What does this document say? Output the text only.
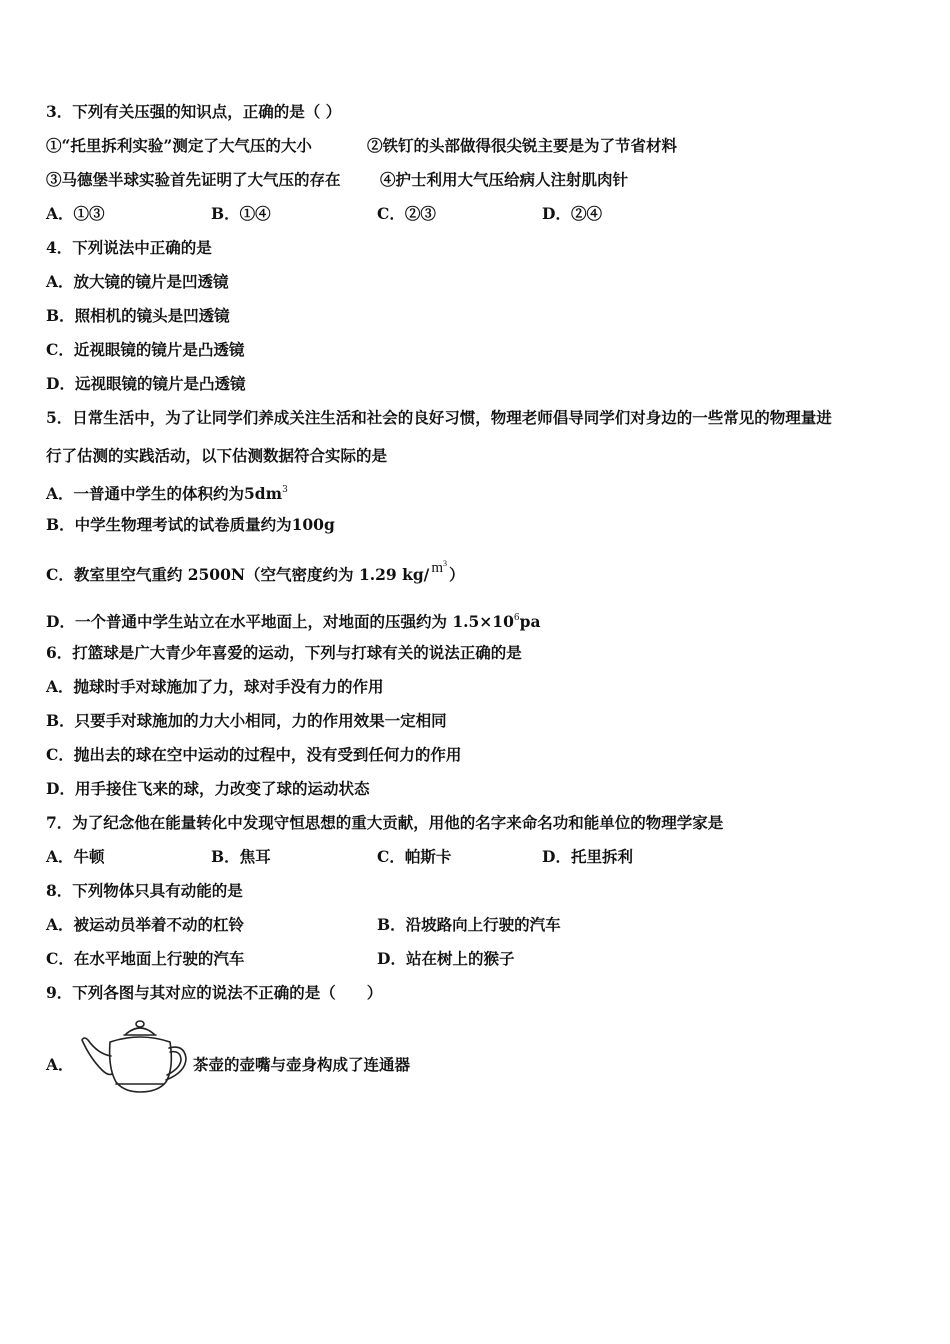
3．下列有关压强的知识点，正确的是（ ）
①“托里拆利实验”测定了大气压的大小	②铁钉的头部做得很尖锐主要是为了节省材料
③马德堡半球实验首先证明了大气压的存在	④护士利用大气压给病人注射肌肉针
A．①③	B．①④	C．②③	D．②④
4．下列说法中正确的是
A．放大镜的镜片是凹透镜
B．照相机的镜头是凹透镜
C．近视眼镜的镜片是凸透镜
D．远视眼镜的镜片是凸透镜
5．日常生活中，为了让同学们养成关注生活和社会的良好习惯，物理老师倡导同学们对身边的一些常见的物理量进
行了估测的实践活动，以下估测数据符合实际的是
A．一普通中学生的体积约为$5dm^3$
B．中学生物理考试的试卷质量约为100g
C．教室里空气重约 2500N（空气密度约为 1.29 kg/ $m^3$）
D．一个普通中学生站立在水平地面上，对地面的压强约为 $1.5\times 10^6pa$
6．打篮球是广大青少年喜爱的运动，下列与打球有关的说法正确的是
A．抛球时手对球施加了力，球对手没有力的作用
B．只要手对球施加的力大小相同，力的作用效果一定相同
C．抛出去的球在空中运动的过程中，没有受到任何力的作用
D．用手接住飞来的球，力改变了球的运动状态
7．为了纪念他在能量转化中发现守恒思想的重大贡献，用他的名字来命名功和能单位的物理学家是
A．牛顿	B．焦耳	C．帕斯卡	D．托里拆利
8．下列物体只具有动能的是
A．被运动员举着不动的杠铃	B．沿坡路向上行驶的汽车
C．在水平地面上行驶的汽车	D．站在树上的猴子
9．下列各图与其对应的说法不正确的是（　　）
A．	茶壶的壶嘴与壶身构成了连通器
